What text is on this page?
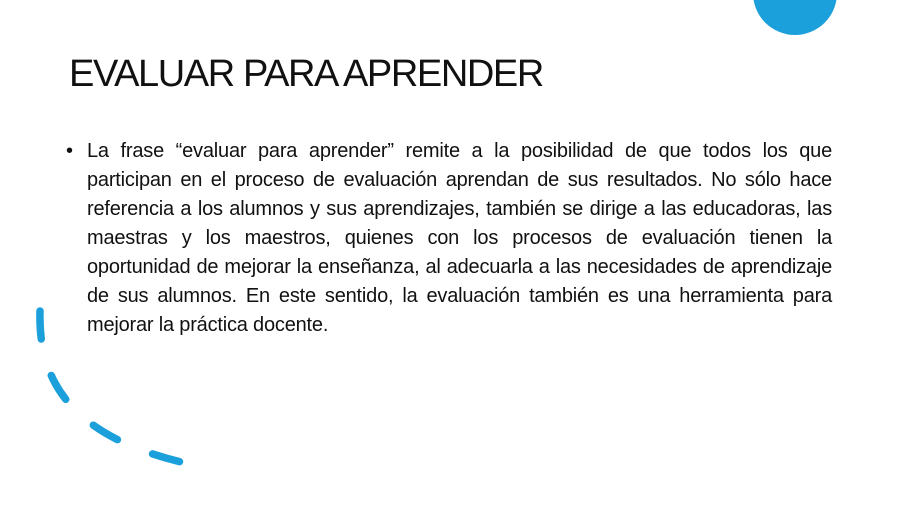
EVALUAR PARA APRENDER
• La frase “evaluar para aprender” remite a la posibilidad de que todos los que participan en el proceso de evaluación aprendan de sus resultados. No sólo hace referencia a los alumnos y sus aprendizajes, también se dirige a las educadoras, las maestras y los maestros, quienes con los procesos de evaluación tienen la oportunidad de mejorar la enseñanza, al adecuarla a las necesidades de aprendizaje de sus alumnos. En este sentido, la evaluación también es una herramienta para mejorar la práctica docente.
